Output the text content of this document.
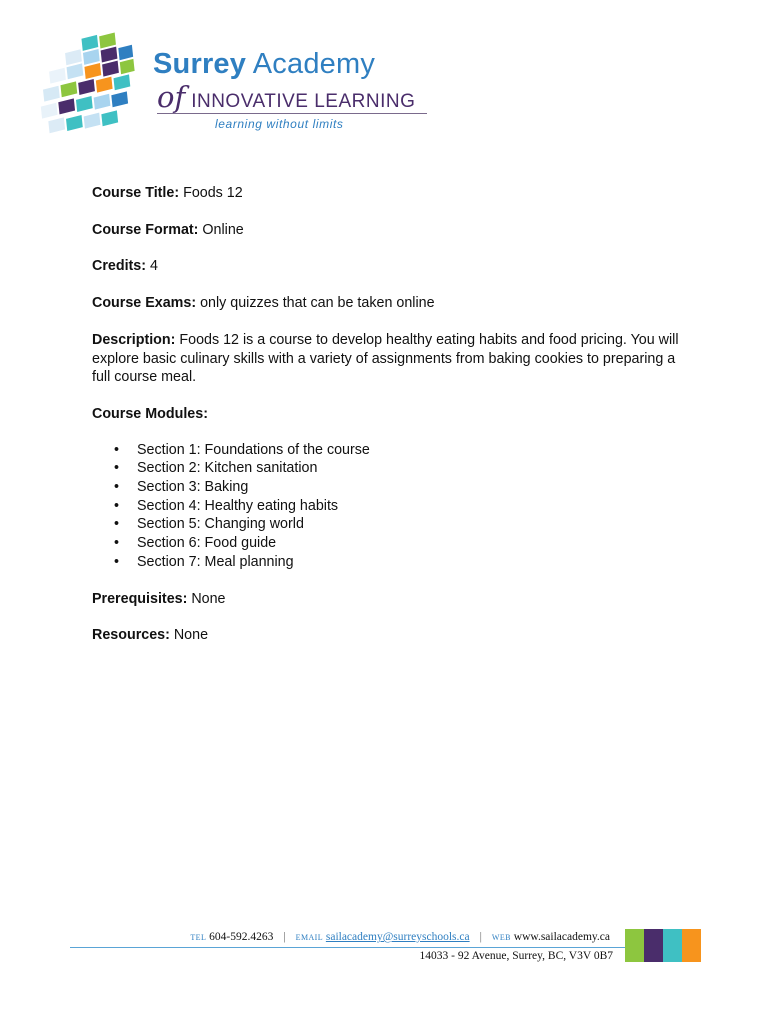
Surrey Academy
of INNOVATIVE LEARNING
learning without limits

Course Title: Foods 12

Course Format: Online

Credits: 4

Course Exams: only quizzes that can be taken online

Description: Foods 12 is a course to develop healthy eating habits and food pricing. You will explore basic culinary skills with a variety of assignments from baking cookies to preparing a full course meal.

Course Modules:

• Section 1: Foundations of the course
• Section 2: Kitchen sanitation
• Section 3: Baking
• Section 4: Healthy eating habits
• Section 5: Changing world
• Section 6: Food guide
• Section 7: Meal planning

Prerequisites: None

Resources: None

TEL 604-592.4263 | EMAIL sailacademy@surreyschools.ca | WEB www.sailacademy.ca
14033 - 92 Avenue, Surrey, BC, V3V 0B7
